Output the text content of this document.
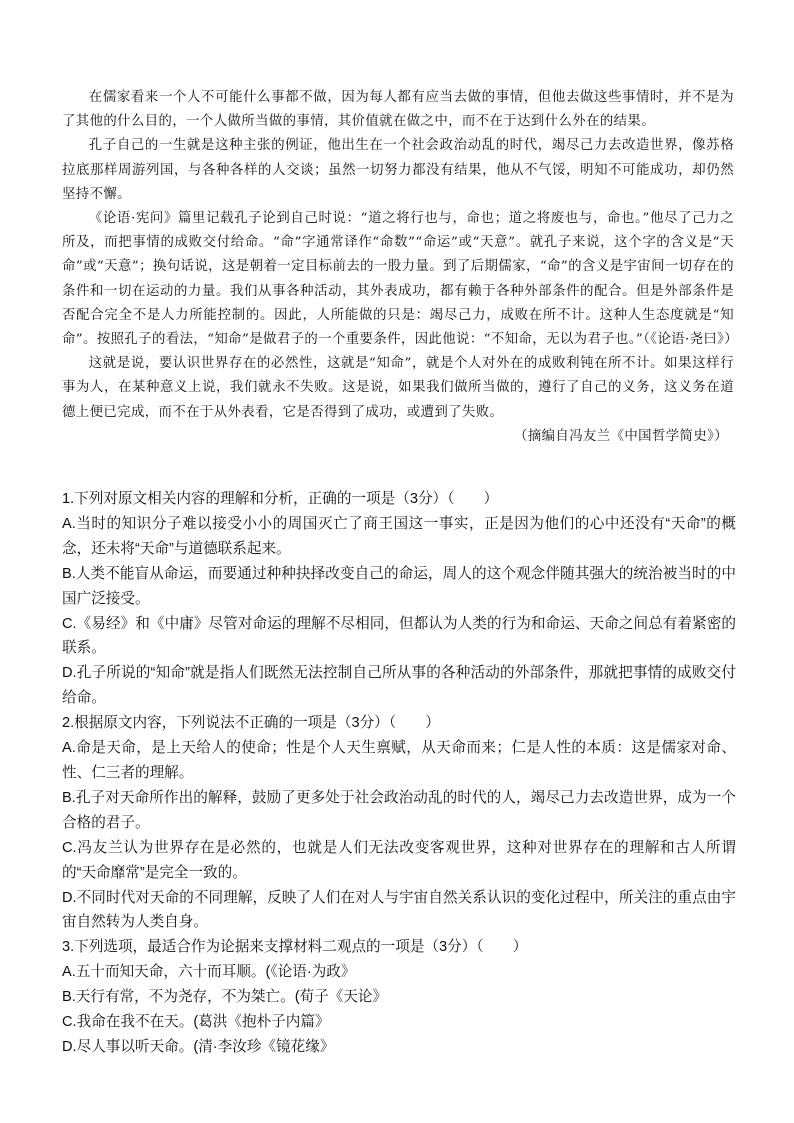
在儒家看来一个人不可能什么事都不做，因为每人都有应当去做的事情，但他去做这些事情时，并不是为了其他的什么目的，一个人做所当做的事情，其价值就在做之中，而不在于达到什么外在的结果。

孔子自己的一生就是这种主张的例证，他出生在一个社会政治动乱的时代，竭尽己力去改造世界，像苏格拉底那样周游列国，与各种各样的人交谈；虽然一切努力都没有结果，他从不气馁，明知不可能成功，却仍然坚持不懈。

《论语·宪问》篇里记载孔子论到自己时说：“道之将行也与，命也；道之将废也与，命也。”他尽了己力之所及，而把事情的成败交付给命。“命”字通常译作“命数”“命运”或“天意”。就孔子来说，这个字的含义是“天命”或“天意”；换句话说，这是朝着一定目标前去的一股力量。到了后期儒家，“命”的含义是宇宙间一切存在的条件和一切在运动的力量。我们从事各种活动，其外表成功，都有赖于各种外部条件的配合。但是外部条件是否配合完全不是人力所能控制的。因此，人所能做的只是：竭尽己力，成败在所不计。这种人生态度就是“知命”。按照孔子的看法，“知命”是做君子的一个重要条件，因此他说：“不知命，无以为君子也。”（《论语·尧曰》）

这就是说，要认识世界存在的必然性，这就是“知命”，就是个人对外在的成败利钝在所不计。如果这样行事为人，在某种意义上说，我们就永不失败。这是说，如果我们做所当做的，遵行了自己的义务，这义务在道德上便已完成，而不在于从外表看，它是否得到了成功，或遭到了失败。

（摘编自冯友兰《中国哲学简史》）

1.下列对原文相关内容的理解和分析，正确的一项是（3分）（　　）

A.当时的知识分子难以接受小小的周国灭亡了商王国这一事实，正是因为他们的心中还没有“天命”的概念，还未将“天命”与道德联系起来。

B.人类不能盲从命运，而要通过种种抉择改变自己的命运，周人的这个观念伴随其强大的统治被当时的中国广泛接受。

C.《易经》和《中庸》尽管对命运的理解不尽相同，但都认为人类的行为和命运、天命之间总有着紧密的联系。

D.孔子所说的“知命”就是指人们既然无法控制自己所从事的各种活动的外部条件，那就把事情的成败交付给命。

2.根据原文内容，下列说法不正确的一项是（3分）（　　）

A.命是天命，是上天给人的使命；性是个人天生禀赋，从天命而来；仁是人性的本质：这是儒家对命、性、仁三者的理解。

B.孔子对天命所作出的解释，鼓励了更多处于社会政治动乱的时代的人，竭尽己力去改造世界，成为一个合格的君子。

C.冯友兰认为世界存在是必然的，也就是人们无法改变客观世界，这种对世界存在的理解和古人所谓的“天命靡常”是完全一致的。

D.不同时代对天命的不同理解，反映了人们在对人与宇宙自然关系认识的变化过程中，所关注的重点由宇宙自然转为人类自身。

3.下列选项，最适合作为论据来支撑材料二观点的一项是（3分）（　　）

A.五十而知天命，六十而耳顺。(《论语·为政》

B.天行有常，不为尧存，不为桀亡。(荀子《天论》

C.我命在我不在天。(葛洪《抱朴子内篇》

D.尽人事以听天命。(清·李汝珍《镜花缘》
